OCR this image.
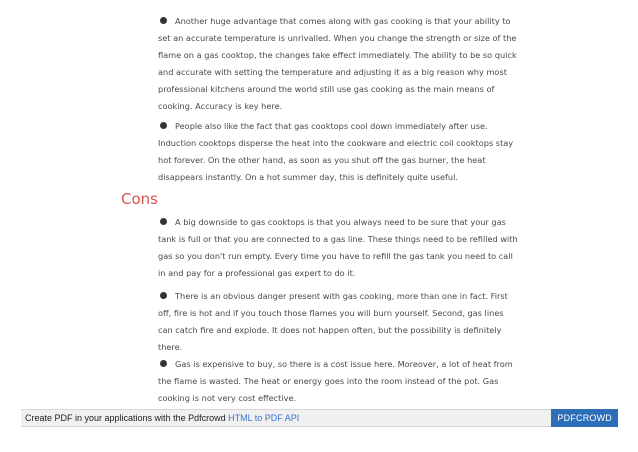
Another huge advantage that comes along with gas cooking is that your ability to set an accurate temperature is unrivalled. When you change the strength or size of the flame on a gas cooktop, the changes take effect immediately. The ability to be so quick and accurate with setting the temperature and adjusting it as a big reason why most professional kitchens around the world still use gas cooking as the main means of cooking. Accuracy is key here.
People also like the fact that gas cooktops cool down immediately after use. Induction cooktops disperse the heat into the cookware and electric coil cooktops stay hot forever. On the other hand, as soon as you shut off the gas burner, the heat disappears instantly. On a hot summer day, this is definitely quite useful.
Cons
A big downside to gas cooktops is that you always need to be sure that your gas tank is full or that you are connected to a gas line. These things need to be refilled with gas so you don't run empty. Every time you have to refill the gas tank you need to call in and pay for a professional gas expert to do it.
There is an obvious danger present with gas cooking, more than one in fact. First off, fire is hot and if you touch those flames you will burn yourself. Second, gas lines can catch fire and explode. It does not happen often, but the possibility is definitely there.
Gas is expensive to buy, so there is a cost issue here. Moreover, a lot of heat from the flame is wasted. The heat or energy goes into the room instead of the pot. Gas cooking is not very cost effective.
Create PDF in your applications with the Pdfcrowd HTML to PDF API	PDFCROWD
